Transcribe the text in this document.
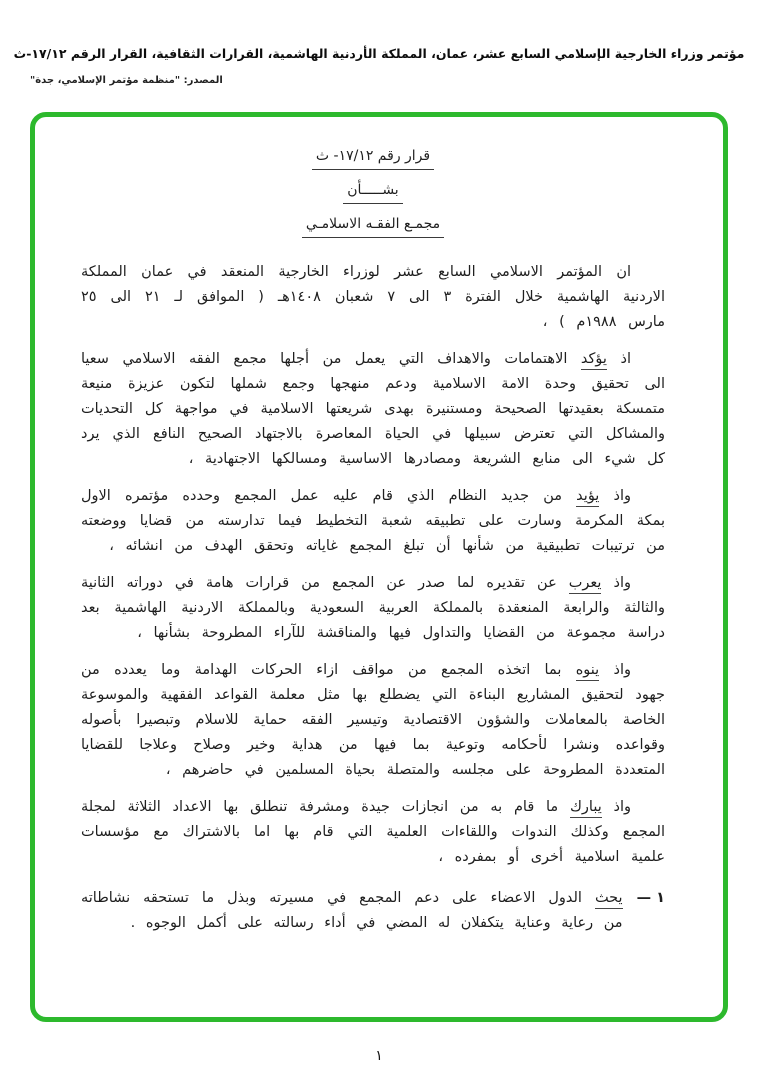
مؤتمر وزراء الخارجية الإسلامي السابع عشر، عمان، المملكة الأردنية الهاشمية، القرارات الثقافية، القرار الرقم ١٧/١٢-ث
المصدر: "منظمة مؤتمر الإسلامي، جدة"
قرار رقم ١٧/١٢- ث
بشـــــأن
مجمـع الفقـه الاسلامـي
ان المؤتمر الاسلامي السابع عشر لوزراء الخارجية المنعقد في عمان المملكة الاردنية الهاشمية خلال الفترة ٣ الى ٧ شعبان ١٤٠٨هـ ( الموافق لـ ٢١ الى ٢٥ مارس ١٩٨٨م ) ،
اذ يؤكد الاهتمامات والاهداف التي يعمل من أجلها مجمع الفقه الاسلامي سعيا الى تحقيق وحدة الامة الاسلامية ودعم منهجها وجمع شملها لتكون عزيزة منيعة متمسكة بعقيدتها الصحيحة ومستنيرة بهدى شريعتها الاسلامية في مواجهة كل التحديات والمشاكل التي تعترض سبيلها في الحياة المعاصرة بالاجتهاد الصحيح النافع الذي يرد كل شيء الى منابع الشريعة ومصادرها الاساسية ومسالكها الاجتهادية ،
واذ يؤيد من جديد النظام الذي قام عليه عمل المجمع وحدده مؤتمره الاول بمكة المكرمة وسارت على تطبيقه شعبة التخطيط فيما تدارسته من قضايا ووضعته من ترتيبات تطبيقية من شأنها أن تبلغ المجمع غاياته وتحقق الهدف من انشائه ،
واذ يعرب عن تقديره لما صدر عن المجمع من قرارات هامة في دوراته الثانية والثالثة والرابعة المنعقدة بالمملكة العربية السعودية وبالمملكة الاردنية الهاشمية بعد دراسة مجموعة من القضايا والتداول فيها والمناقشة للآراء المطروحة بشأنها ،
واذ ينوه بما اتخذه المجمع من مواقف ازاء الحركات الهدامة وما يعدده من جهود لتحقيق المشاريع البناءة التي يضطلع بها مثل معلمة القواعد الفقهية والموسوعة الخاصة بالمعاملات والشؤون الاقتصادية وتيسير الفقه حماية للاسلام وتبصيرا بأصوله وقواعده ونشرا لأحكامه وتوعية بما فيها من هداية وخير وصلاح وعلاجا للقضايا المتعددة المطروحة على مجلسه والمتصلة بحياة المسلمين في حاضرهم ،
واذ يبارك ما قام به من انجازات جيدة ومشرفة تنطلق بها الاعداد الثلاثة لمجلة المجمع وكذلك الندوات واللقاءات العلمية التي قام بها اما بالاشتراك مع مؤسسات علمية اسلامية أخرى أو بمفرده ،
١ —
يحث الدول الاعضاء على دعم المجمع في مسيرته وبذل ما تستحقه نشاطاته من رعاية وعناية يتكفلان له المضي في أداء رسالته على أكمل الوجوه .
١
